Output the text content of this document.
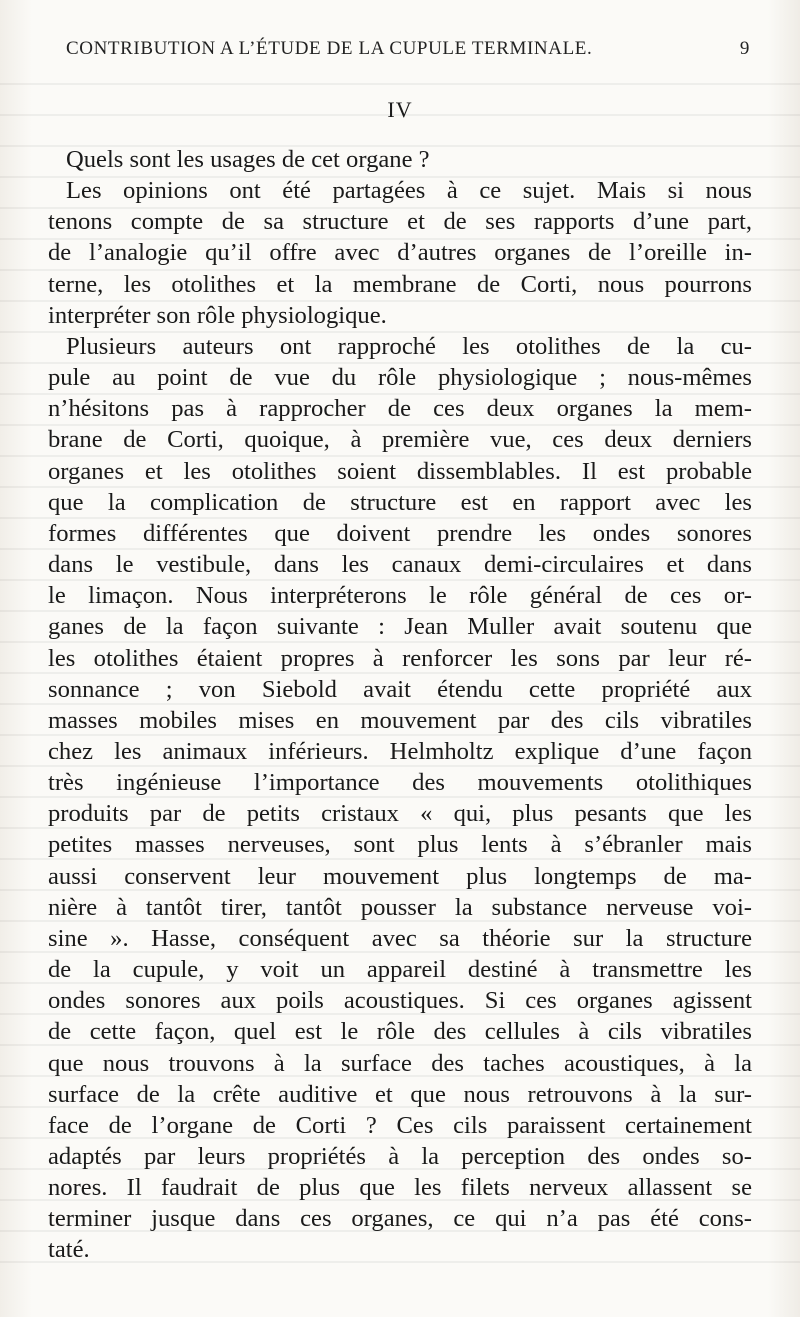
CONTRIBUTION A L’ÉTUDE DE LA CUPULE TERMINALE.	9
IV
Quels sont les usages de cet organe ?
Les opinions ont été partagées à ce sujet. Mais si nous
tenons compte de sa structure et de ses rapports d’une part,
de l’analogie qu’il offre avec d’autres organes de l’oreille in-
terne, les otolithes et la membrane de Corti, nous pourrons
interpréter son rôle physiologique.
Plusieurs auteurs ont rapproché les otolithes de la cu-
pule au point de vue du rôle physiologique ; nous-mêmes
n’hésitons pas à rapprocher de ces deux organes la mem-
brane de Corti, quoique, à première vue, ces deux derniers
organes et les otolithes soient dissemblables. Il est probable
que la complication de structure est en rapport avec les
formes différentes que doivent prendre les ondes sonores
dans le vestibule, dans les canaux demi-circulaires et dans
le limaçon. Nous interpréterons le rôle général de ces or-
ganes de la façon suivante : Jean Muller avait soutenu que
les otolithes étaient propres à renforcer les sons par leur ré-
sonnance ; von Siebold avait étendu cette propriété aux
masses mobiles mises en mouvement par des cils vibratiles
chez les animaux inférieurs. Helmholtz explique d’une façon
très ingénieuse l’importance des mouvements otolithiques
produits par de petits cristaux « qui, plus pesants que les
petites masses nerveuses, sont plus lents à s’ébranler mais
aussi conservent leur mouvement plus longtemps de ma-
nière à tantôt tirer, tantôt pousser la substance nerveuse voi-
sine ». Hasse, conséquent avec sa théorie sur la structure
de la cupule, y voit un appareil destiné à transmettre les
ondes sonores aux poils acoustiques. Si ces organes agissent
de cette façon, quel est le rôle des cellules à cils vibratiles
que nous trouvons à la surface des taches acoustiques, à la
surface de la crête auditive et que nous retrouvons à la sur-
face de l’organe de Corti ? Ces cils paraissent certainement
adaptés par leurs propriétés à la perception des ondes so-
nores. Il faudrait de plus que les filets nerveux allassent se
terminer jusque dans ces organes, ce qui n’a pas été cons-
taté.
